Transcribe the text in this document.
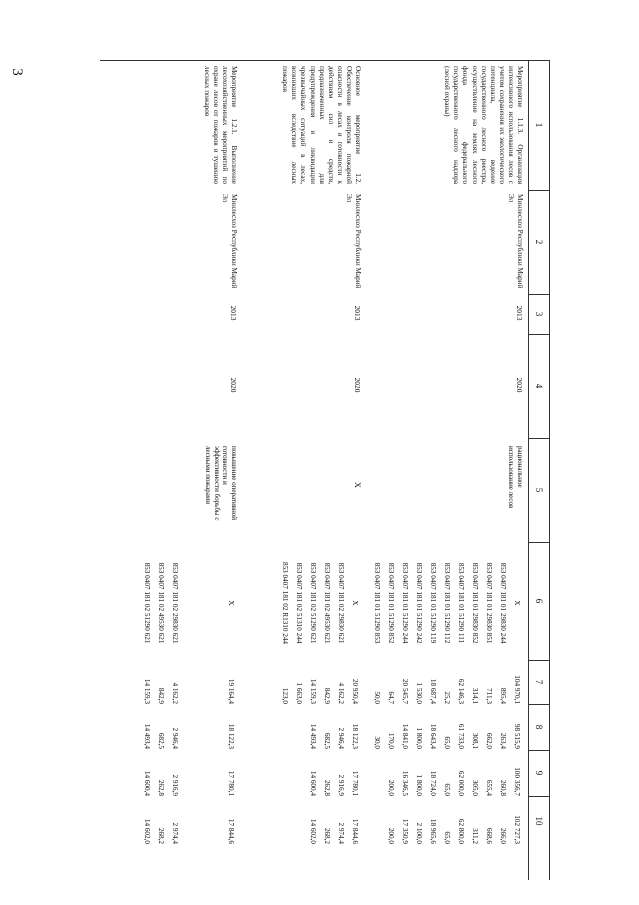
3
1
2
3
4
5
6
7
8
9
10
Мероприятие 1.1.3. Организация интенсивного использования лесов с учетом сохранения их экологического потенциала, ведение государственного лесного реестра, осуществление на землях лесного фонда федерального государственного лесного надзора (лесной охраны)
Минлесхоз Республики Марий Эл
2013
2020
рациональное использование лесов
X
853 0407 181 01 29830 244
853 0407 181 01 29830 851
853 0407 181 01 29830 852
853 0407 181 01 51290 111
853 0407 181 01 51290 112
853 0407 181 01 51290 119
853 0407 181 01 51290 242
853 0407 181 01 51290 244
853 0407 181 01 51290 852
853 0407 181 01 51290 853
104 970,1
895,4
711,3
314,1
62 146,3
25,2
18 687,4
1 530,0
20 545,7
64,7
50,0
98 515,9
263,4
662,0
308,1
61 733,0
65,0
18 643,4
1 800,0
14 841,0
170,0
30,0
100 356,7
260,8
655,4
305,0
62 000,0
65,0
18 724,0
1 800,0
16 346,5
200,0
102 727,3
266,0
668,6
311,2
62 800,0
65,0
18 965,6
2 100,0
17 350,9
200,0
Основное мероприятие 1.2. Обеспечение контроля пожарной опасности в лесах и готовности к действиям сил и средств, предназначенных для предупреждения и ликвидации чрезвычайных ситуаций в лесах, возникших вследствие лесных пожаров
Минлесхоз Республики Марий Эл
2013
2020
X
X
853 0407 181 02 29830 621
853 0407 181 02 49530 621
853 0407 181 02 51290 621
853 0407 181 02 51310 244
853 0407 181 02 R1310 244
20 950,4
4 162,2
842,9
14 159,3
1 663,0
123,0
18 122,3
2 946,4
682,5
14 493,4
17 780,1
2 916,9
262,8
14 600,4
17 844,6
2 974,4
268,2
14 602,0
Мероприятие 1.2.1. Выполнение лесохозяйственных мероприятий по охране лесов от пожаров и тушению лесных пожаров
Минлесхоз Республики Марий Эл
2013
2020
повышение оперативной готовности и эффективности борьбы с лесными пожарами
X
853 0407 181 02 29830 621
853 0407 181 02 49530 621
853 0407 181 02 51290 621
19 164,4
4 162,2
842,9
14 159,3
18 122,3
2 946,4
682,5
14 493,4
17 780,1
2 916,9
262,8
14 600,4
17 844,6
2 974,4
268,2
14 602,0
